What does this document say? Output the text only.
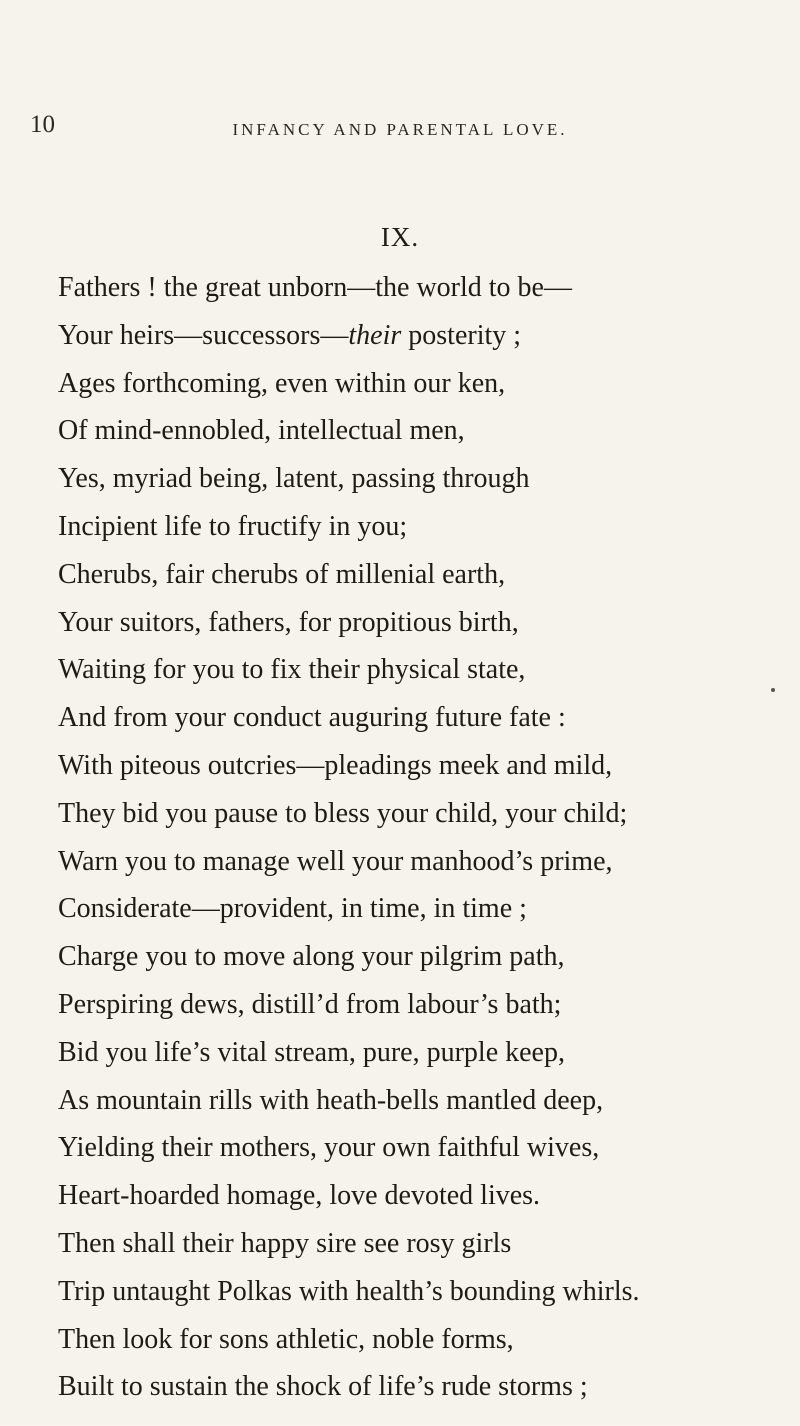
10	INFANCY AND PARENTAL LOVE.
IX.
Fathers ! the great unborn—the world to be—
Your heirs—successors—their posterity ;
Ages forthcoming, even within our ken,
Of mind-ennobled, intellectual men,
Yes, myriad being, latent, passing through
Incipient life to fructify in you;
Cherubs, fair cherubs of millenial earth,
Your suitors, fathers, for propitious birth,
Waiting for you to fix their physical state,
And from your conduct auguring future fate :
With piteous outcries—pleadings meek and mild,
They bid you pause to bless your child, your child;
Warn you to manage well your manhood’s prime,
Considerate—provident, in time, in time ;
Charge you to move along your pilgrim path,
Perspiring dews, distill’d from labour’s bath;
Bid you life’s vital stream, pure, purple keep,
As mountain rills with heath-bells mantled deep,
Yielding their mothers, your own faithful wives,
Heart-hoarded homage, love devoted lives.
Then shall their happy sire see rosy girls
Trip untaught Polkas with health’s bounding whirls.
Then look for sons athletic, noble forms,
Built to sustain the shock of life’s rude storms ;
